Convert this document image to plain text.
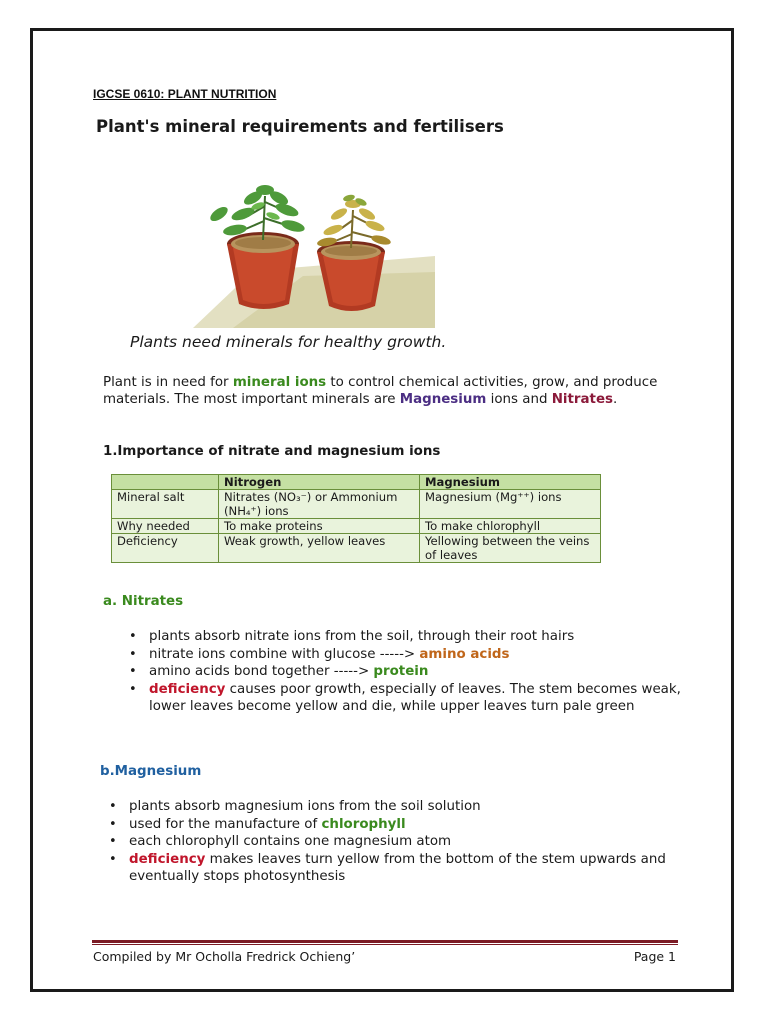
IGCSE 0610: PLANT NUTRITION
Plant's mineral requirements and fertilisers
Plants need minerals for healthy growth.

Plant is in need for mineral ions to control chemical activities, grow, and produce materials. The most important minerals are Magnesium ions and Nitrates.

1.Importance of nitrate and magnesium ions
	Nitrogen	Magnesium
Mineral salt	Nitrates (NO₃⁻) or Ammonium (NH₄⁺) ions	Magnesium (Mg⁺⁺) ions
Why needed	To make proteins	To make chlorophyll
Deficiency	Weak growth, yellow leaves	Yellowing between the veins of leaves
a. Nitrates
• plants absorb nitrate ions from the soil, through their root hairs
• nitrate ions combine with glucose -----> amino acids
• amino acids bond together -----> protein
• deficiency causes poor growth, especially of leaves. The stem becomes weak, lower leaves become yellow and die, while upper leaves turn pale green
b.Magnesium
• plants absorb magnesium ions from the soil solution
• used for the manufacture of chlorophyll
• each chlorophyll contains one magnesium atom
• deficiency makes leaves turn yellow from the bottom of the stem upwards and eventually stops photosynthesis
Compiled by Mr Ocholla Fredrick Ochieng’	Page 1
